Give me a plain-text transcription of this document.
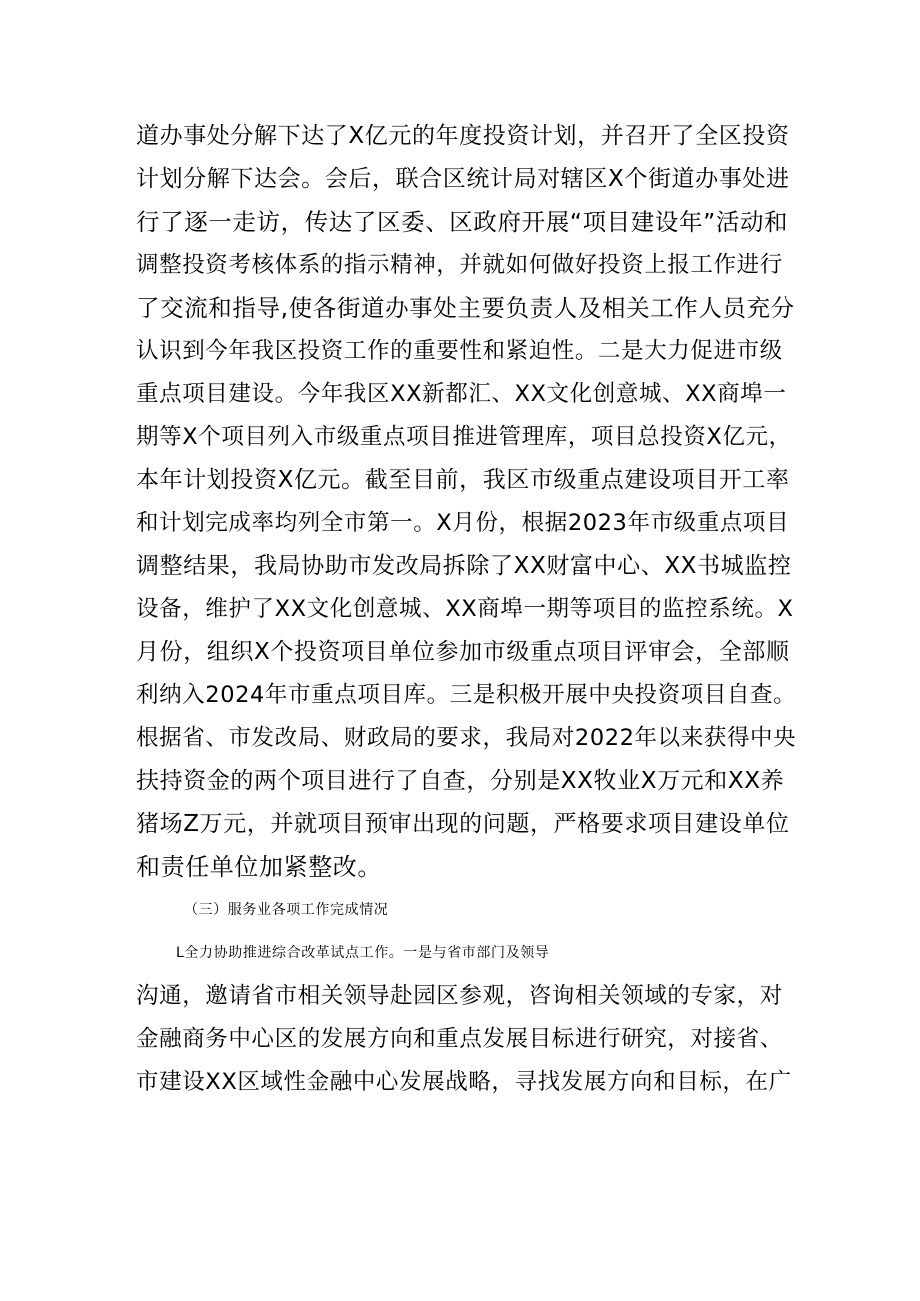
道办事处分解下达了X亿元的年度投资计划，并召开了全区投资
计划分解下达会。会后，联合区统计局对辖区X个街道办事处进
行了逐一走访，传达了区委、区政府开展“项目建设年”活动和
调整投资考核体系的指示精神，并就如何做好投资上报工作进行
了交流和指导,使各街道办事处主要负责人及相关工作人员充分
认识到今年我区投资工作的重要性和紧迫性。二是大力促进市级
重点项目建设。今年我区XX新都汇、XX文化创意城、XX商埠一
期等X个项目列入市级重点项目推进管理库，项目总投资X亿元，
本年计划投资X亿元。截至目前，我区市级重点建设项目开工率
和计划完成率均列全市第一。X月份，根据2023年市级重点项目
调整结果，我局协助市发改局拆除了XX财富中心、XX书城监控
设备，维护了XX文化创意城、XX商埠一期等项目的监控系统。X
月份，组织X个投资项目单位参加市级重点项目评审会，全部顺
利纳入2024年市重点项目库。三是积极开展中央投资项目自查。
根据省、市发改局、财政局的要求，我局对2022年以来获得中央
扶持资金的两个项目进行了自查，分别是XX牧业X万元和XX养
猪场Z万元，并就项目预审出现的问题，严格要求项目建设单位
和责任单位加紧整改。
（三）服务业各项工作完成情况
L全力协助推进综合改革试点工作。一是与省市部门及领导
沟通，邀请省市相关领导赴园区参观，咨询相关领域的专家，对
金融商务中心区的发展方向和重点发展目标进行研究，对接省、
市建设XX区域性金融中心发展战略，寻找发展方向和目标，在广
